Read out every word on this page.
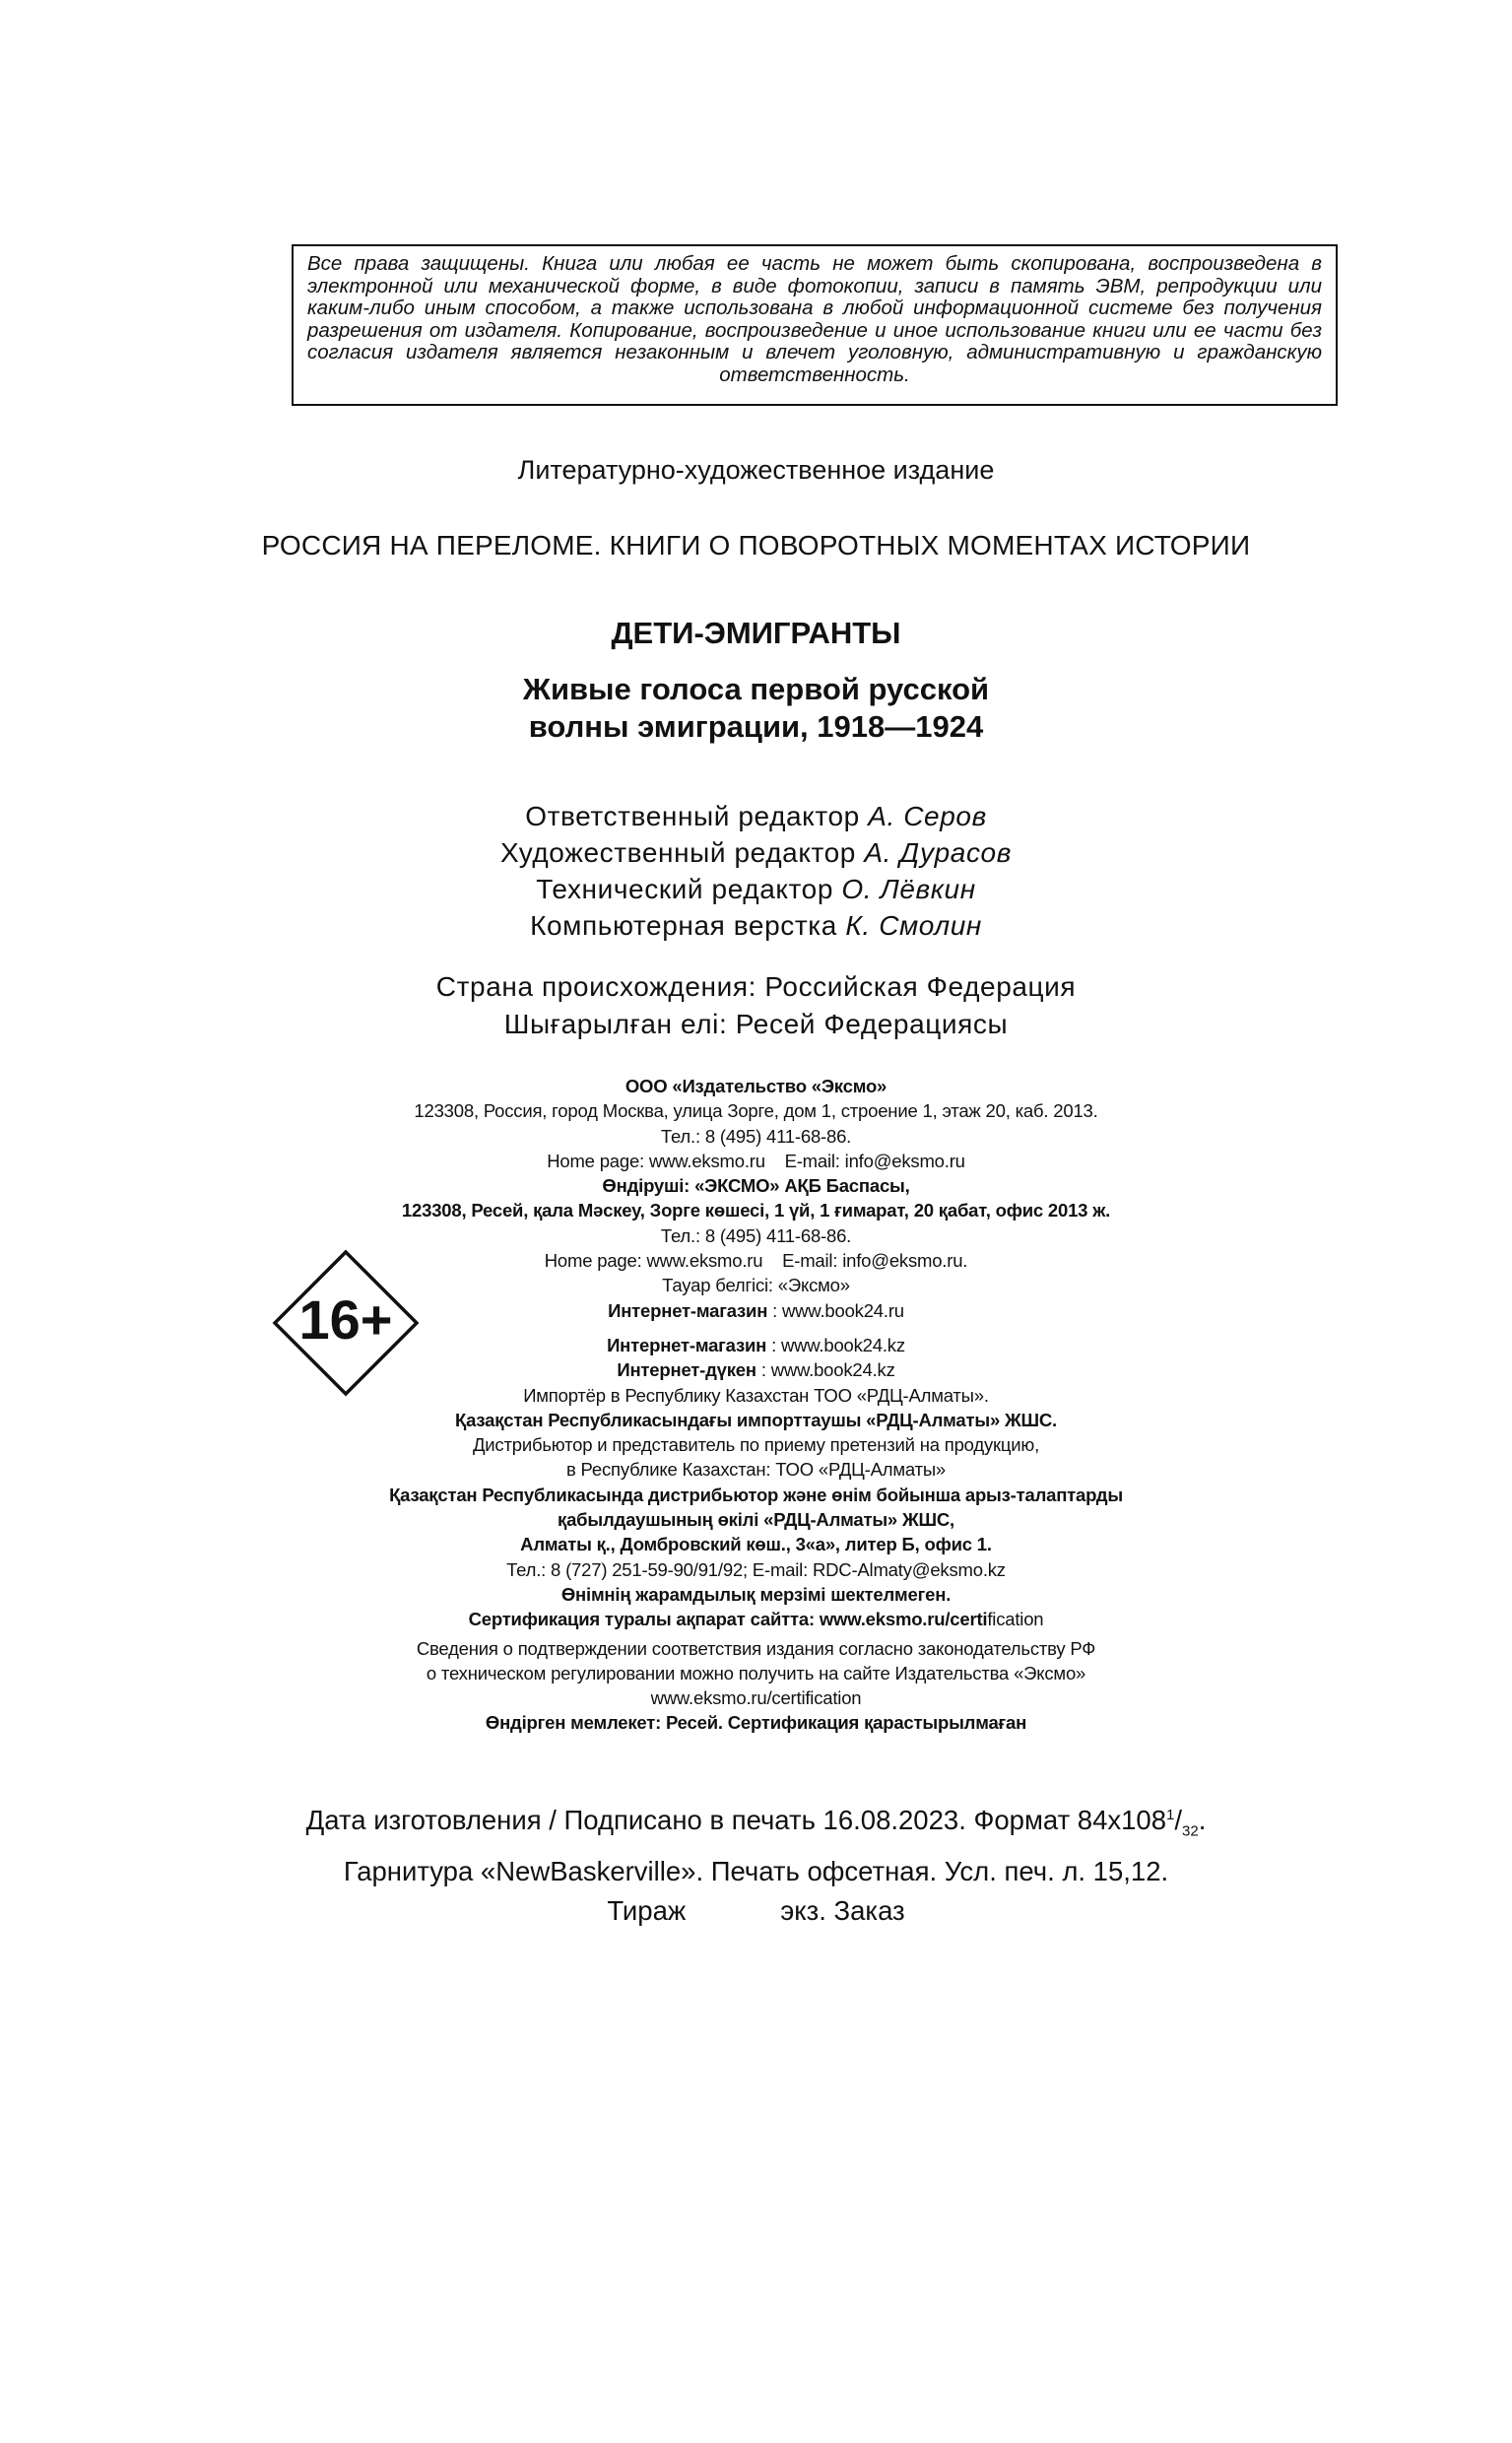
Все права защищены. Книга или любая ее часть не может быть скопирована, воспроизведена в электронной или механической форме, в виде фотокопии, записи в память ЭВМ, репродукции или каким-либо иным способом, а также использована в любой информационной системе без получения разрешения от издателя. Копирование, воспроизведение и иное использование книги или ее части без согласия издателя является незаконным и влечет уголовную, административную и гражданскую ответственность.

Литературно-художественное издание
РОССИЯ НА ПЕРЕЛОМЕ. КНИГИ О ПОВОРОТНЫХ МОМЕНТАХ ИСТОРИИ
ДЕТИ-ЭМИГРАНТЫ
Живые голоса первой русской
волны эмиграции, 1918—1924
Ответственный редактор А. Серов
Художественный редактор А. Дурасов
Технический редактор О. Лёвкин
Компьютерная верстка К. Смолин
Страна происхождения: Российская Федерация
Шығарылған елі: Ресей Федерациясы
16+
ООО «Издательство «Эксмо»
123308, Россия, город Москва, улица Зорге, дом 1, строение 1, этаж 20, каб. 2013.
Тел.: 8 (495) 411-68-86.
Home page: www.eksmo.ru    E-mail: info@eksmo.ru
Өндіруші: «ЭКСМО» АҚБ Баспасы,
123308, Ресей, қала Мәскеу, Зорге көшесі, 1 үй, 1 ғимарат, 20 қабат, офис 2013 ж.
Тел.: 8 (495) 411-68-86.
Home page: www.eksmo.ru    E-mail: info@eksmo.ru.
Тауар белгісі: «Эксмо»
Интернет-магазин : www.book24.ru
Интернет-магазин : www.book24.kz
Интернет-дүкен : www.book24.kz
Импортёр в Республику Казахстан ТОО «РДЦ-Алматы».
Қазақстан Республикасындағы импорттаушы «РДЦ-Алматы» ЖШС.
Дистрибьютор и представитель по приему претензий на продукцию,
в Республике Казахстан: ТОО «РДЦ-Алматы»
Қазақстан Республикасында дистрибьютор және өнім бойынша арыз-талаптарды
қабылдаушының өкілі «РДЦ-Алматы» ЖШС,
Алматы қ., Домбровский көш., 3«а», литер Б, офис 1.
Тел.: 8 (727) 251-59-90/91/92; E-mail: RDC-Almaty@eksmo.kz
Өнімнің жарамдылық мерзімі шектелмеген.
Сертификация туралы ақпарат сайтта: www.eksmo.ru/certification
Сведения о подтверждении соответствия издания согласно законодательству РФ
о техническом регулировании можно получить на сайте Издательства «Эксмо»
www.eksmo.ru/certification
Өндірген мемлекет: Ресей. Сертификация қарастырылмаған
Дата изготовления / Подписано в печать 16.08.2023. Формат $84x108^1/_{32}$.
Гарнитура «NewBaskerville». Печать офсетная. Усл. печ. л. 15,12.
Тираж	экз. Заказ
